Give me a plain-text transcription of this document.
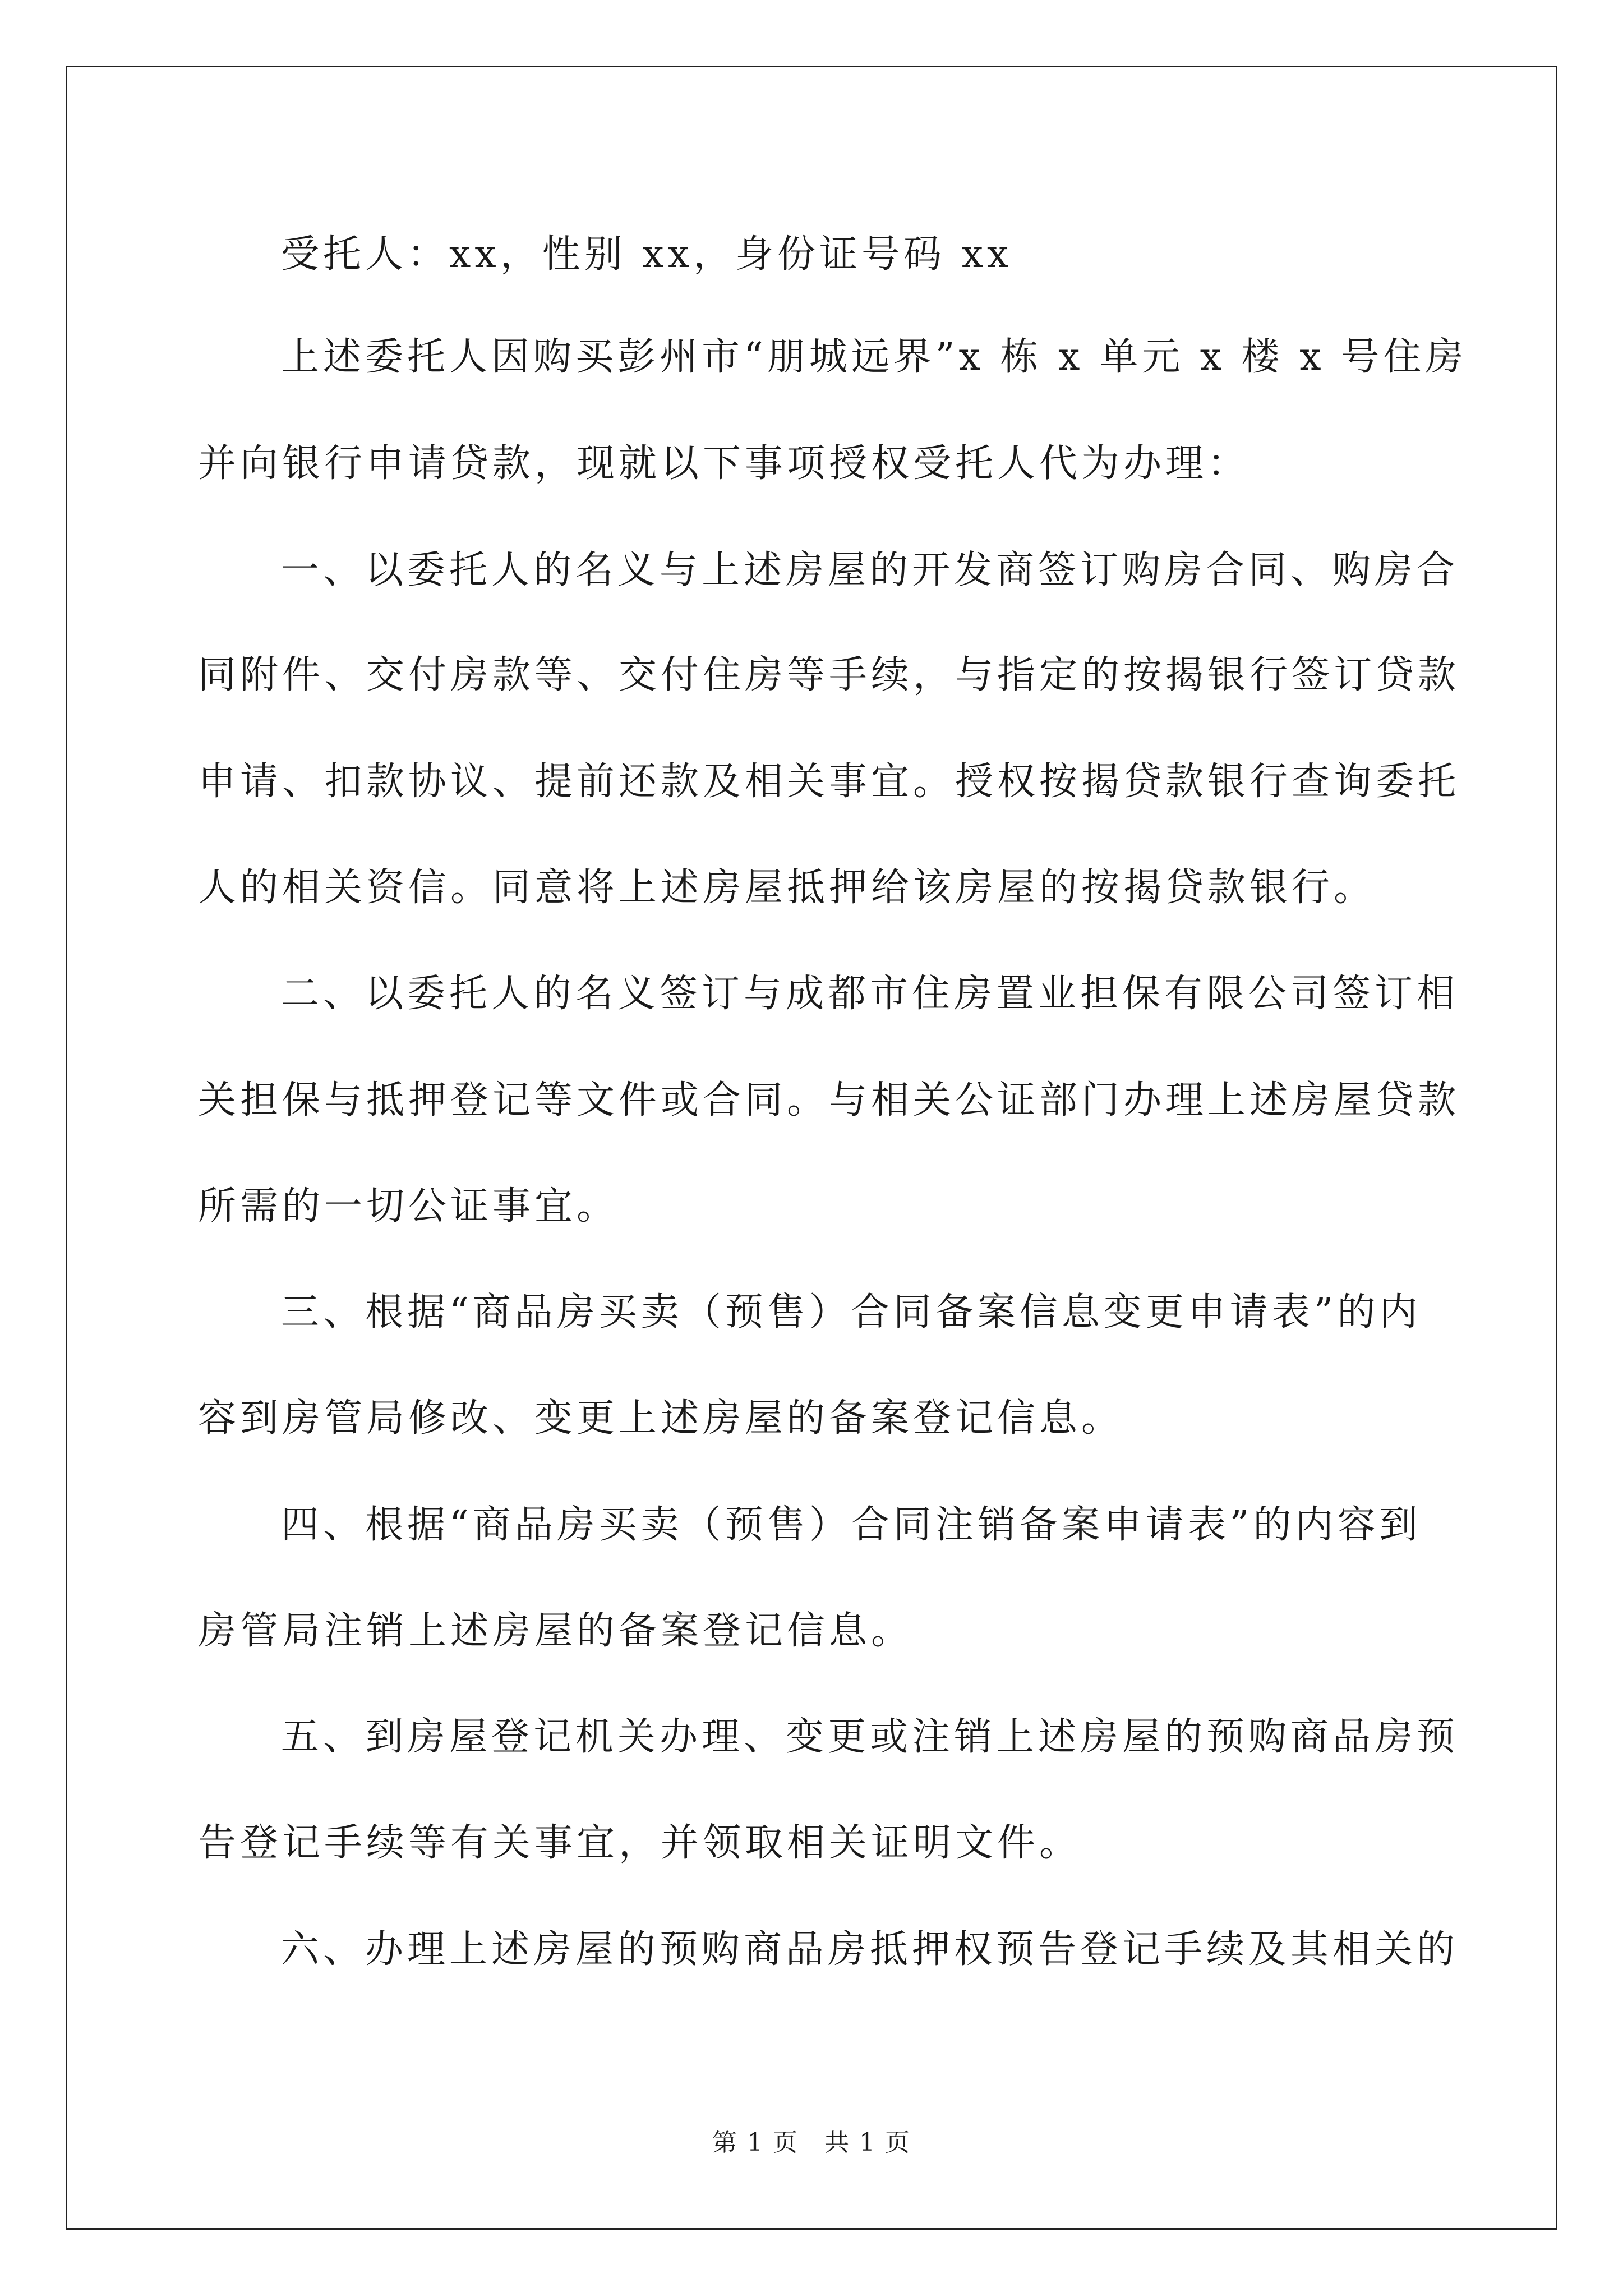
受托人：xx，性别 xx，身份证号码 xx
上述委托人因购买彭州市“朋城远界”x 栋 x 单元 x 楼 x 号住房
并向银行申请贷款，现就以下事项授权受托人代为办理：
一、以委托人的名义与上述房屋的开发商签订购房合同、购房合
同附件、交付房款等、交付住房等手续，与指定的按揭银行签订贷款
申请、扣款协议、提前还款及相关事宜。授权按揭贷款银行查询委托
人的相关资信。同意将上述房屋抵押给该房屋的按揭贷款银行。
二、以委托人的名义签订与成都市住房置业担保有限公司签订相
关担保与抵押登记等文件或合同。与相关公证部门办理上述房屋贷款
所需的一切公证事宜。
三、根据“商品房买卖（预售）合同备案信息变更申请表”的内
容到房管局修改、变更上述房屋的备案登记信息。
四、根据“商品房买卖（预售）合同注销备案申请表”的内容到
房管局注销上述房屋的备案登记信息。
五、到房屋登记机关办理、变更或注销上述房屋的预购商品房预
告登记手续等有关事宜，并领取相关证明文件。
六、办理上述房屋的预购商品房抵押权预告登记手续及其相关的
第 1 页　共 1 页
